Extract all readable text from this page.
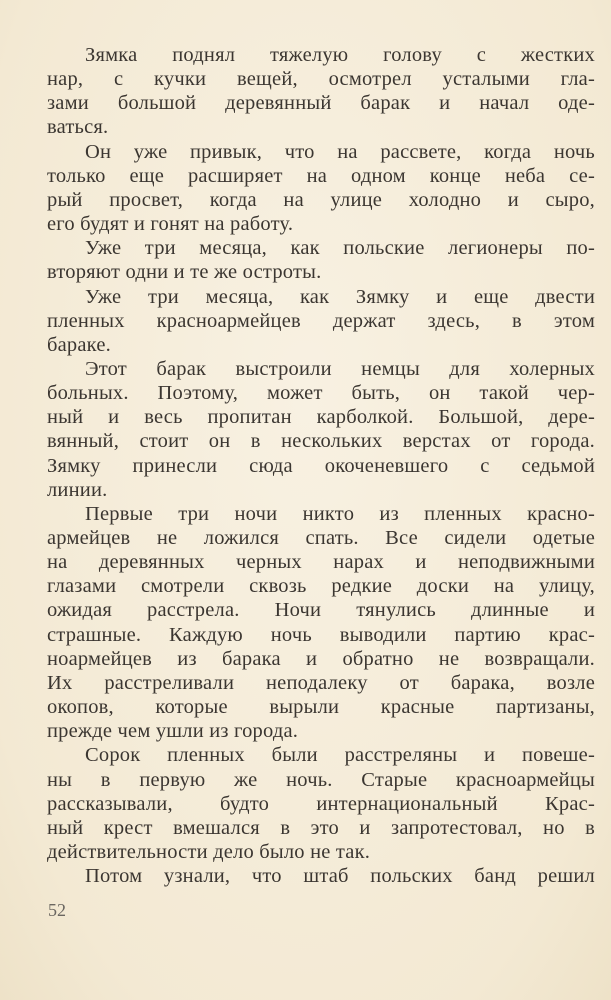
Зямка поднял тяжелую голову с жестких
нар, с кучки вещей, осмотрел усталыми гла-
зами большой деревянный барак и начал оде-
ваться.
Он уже привык, что на рассвете, когда ночь
только еще расширяет на одном конце неба се-
рый просвет, когда на улице холодно и сыро,
его будят и гонят на работу.
Уже три месяца, как польские легионеры по-
вторяют одни и те же остроты.
Уже три месяца, как Зямку и еще двести
пленных красноармейцев держат здесь, в этом
бараке.
Этот барак выстроили немцы для холерных
больных. Поэтому, может быть, он такой чер-
ный и весь пропитан карболкой. Большой, дере-
вянный, стоит он в нескольких верстах от города.
Зямку принесли сюда окоченевшего с седьмой
линии.
Первые три ночи никто из пленных красно-
армейцев не ложился спать. Все сидели одетые
на деревянных черных нарах и неподвижными
глазами смотрели сквозь редкие доски на улицу,
ожидая расстрела. Ночи тянулись длинные и
страшные. Каждую ночь выводили партию крас-
ноармейцев из барака и обратно не возвращали.
Их расстреливали неподалеку от барака, возле
окопов, которые вырыли красные партизаны,
прежде чем ушли из города.
Сорок пленных были расстреляны и повеше-
ны в первую же ночь. Старые красноармейцы
рассказывали, будто интернациональный Крас-
ный крест вмешался в это и запротестовал, но в
действительности дело было не так.
Потом узнали, что штаб польских банд решил
52
